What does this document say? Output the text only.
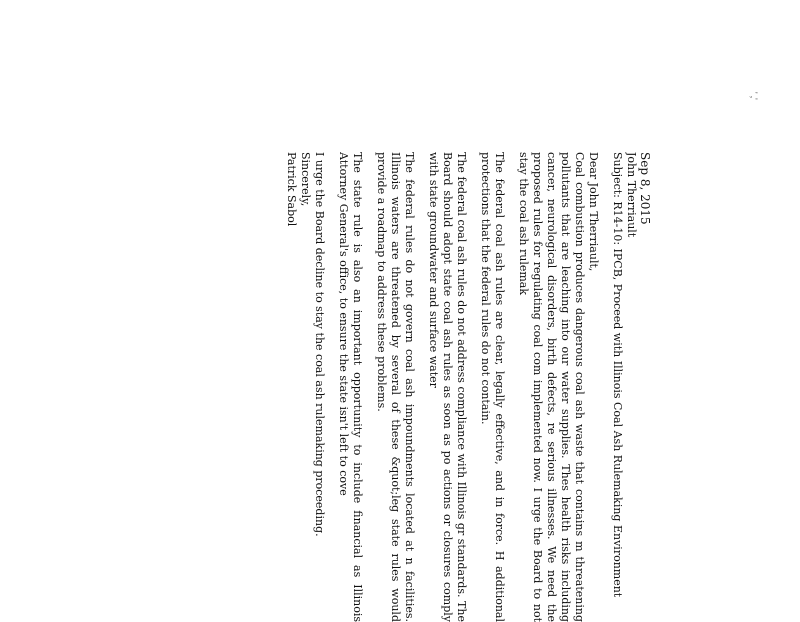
' ,'

Sep 8, 2015

John Therriault

Subject: R14-10: IPCB, Proceed with Illinois Coal Ash Rulemaking Environment

Dear John Therriault,

Coal combustion produces dangerous coal ash waste that contains m threatening pollutants that are leaching into our water supplies. Thes health risks including cancer, neurological disorders, birth defects, re serious illnesses. We need the proposed rules for regulating coal com implemented now. I urge the Board to not stay the coal ash rulemak

The federal coal ash rules are clear, legally effective, and in force. H additional protections that the federal rules do not contain.

The federal coal ash rules do not address compliance with Illinois gr standards. The Board should adopt state coal ash rules as soon as po actions or closures comply with state groundwater and surface water

The federal rules do not govern coal ash impoundments located at n facilities. Illinois waters are threatened by several of these &quot;leg state rules would provide a roadmap to address these problems.

The state rule is also an important opportunity to include financial as Illinois Attorney General's office, to ensure the state isn't left to cove

I urge the Board decline to stay the coal ash rulemaking proceeding.

Sincerely,

Patrick Sabol
